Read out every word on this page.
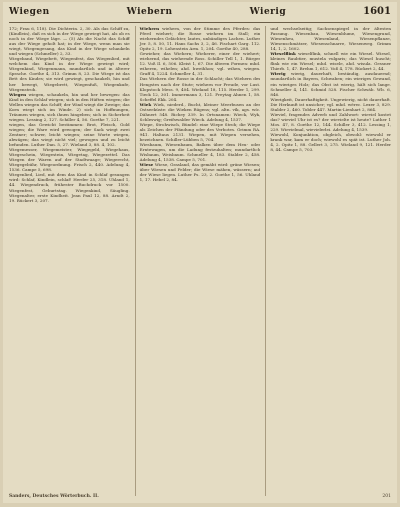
Wiegen	Wiebern	Wierig	1601

172; Frau 6, 118). Die Dichterin. 2, 30. Als das Schiff zu, (Kindlein), daß es sich in der Wiege gewiegt hat, als ob es noch in der Wiege läge. — (5) Als die Nacht das Schiff aus der Wiege geholt hat; in der Wiege, wenn man sie wiegt, Wiegengesang, das Kind in der Wiege schaukeln und wiegen (Schmeller) 2, 33.

Wiegeband, Wiegebett, Wiegenfest, das Wiegenlied, mit welchem das Kind in der Wiege gewiegt wird; Wiegenkind, Wiegenmann, mundartlich und in älterer Sprache. Goethe 4, 313. Grimm 8, 23. Die Wiege ist das Bett des Kindes; sie wird gewiegt, geschaukelt, hin und her bewegt, Wiegebrett, Wiegenfuß, Wiegenkufe, Wiegenstroh.

Wiegen wiegen, schaukeln, hin und her bewegen: das Kind in den Schlaf wiegen; sich in den Hüften wiegen; die Wellen wiegen das Schiff; der Wind wiegt die Zweige; das Korn wiegt sich im Winde. 2) sich in Hoffnungen, Träumen wiegen, sich ihnen hingeben; sich in Sicherheit wiegen. Lessing 2, 127. Schiller 4, 56. Goethe 7, 221.

wiegen, das Gewicht bestimmen: Brot, Fleisch, Gold wiegen; die Ware wird gewogen; der Sack wiegt zwei Zentner; schwer, leicht wiegen; seine Worte wiegen, abwägen; das wiegt nicht viel; gewogen und zu leicht befunden. Luther Dan. 5, 27. Wieland 3, 88. 4, 102.

Wiegemesser, Wiegemeister, Wiegegeld, Wiegehaus, Wiegeschein, Wiegestein, Wiegetag, Wiegezettel. Das Wiegen der Waren auf der Stadtwaage; Wiegerecht, Wiegegebühr, Wiegeordnung. Frisch 2, 440. Adelung 4, 1536. Campe 5, 698.

Wiegenlied, Lied, mit dem das Kind in Schlaf gesungen wird: Schlaf, Kindlein, schlaf! Herder 25, 318. Uhland 1, 44. Wiegendruck, frühester Buchdruck vor 1500. Wiegenfest, Geburtstag. Wiegenkind, Säugling. Wiegenalter, erste Kindheit. Jean Paul 12, 88. Arndt 2, 19. Rückert 3, 207.

Wiehern wiehern, von der Stimme des Pferdes: das Pferd wiehert; die Rosse wiehern im Stall; ein wieherndes Gelächter, lautes, unbändiges Lachen. Luther Jer. 5, 8. 50, 11. Hans Sachs 3, 2, 46. Fischart Garg. 112. Opitz 2, 19. Lohenstein Arm. 1, 204. Goethe 40, 288.

Gewieher, das Wiehern; Wieherer, einer der wiehert; wiehernd, das wiehernde Ross. Schiller Tell 1, 1. Bürger 12. Voß Il. 6, 506. Kleist 1, 67. Die älteren Formen: mhd. wiheren, wihelen; ahd. hweihhon; vgl. wihen, wiegen. Graff 4, 1224. Schmeller 4, 31.

Das Wiehern der Rosse in der Schlacht; das Wiehern des Hengstes nach der Stute; wiehern vor Freude, vor Lust. Klopstock Mess. 9, 404. Wieland 18, 115. Herder 1, 299. Tieck 12, 301. Immermann 3, 121. Freytag Ahnen 1, 58. Scheffel Ekk. 204.

Wiek Wiek, niederd., Bucht, kleiner Meerbusen an der Ostseeküste: die Wieken Rügens; vgl. altn. vík, ags. wíc. Dähnert 548. Richey 339. In Ortsnamen: Wieck, Wyk, Schleswig; Greifswalder Wieck. Adelung 4, 1537.

Wiepe, Strohwisch, Bündel: eine Wiepe Stroh; die Wiepe als Zeichen der Pfändung oder des Verbotes. Grimm RA. 941. Haltaus 2131. Wiepen, mit Wiepen versehen, bezeichnen. Schiller-Lübben 5, 704.

Wiesbaum, Wiesenbaum, Balken über dem Heu- oder Erntewagen, um die Ladung festzuhalten; mundartlich Wisbaum, Weisbaum. Schmeller 4, 183. Stalder 2, 458. Adelung 4, 1538. Campe 5, 701.

Wiese Wiese, Grasland, das gemäht wird: grüne Wiesen; über Wiesen und Felder; die Wiese mähen, wässern; auf der Wiese liegen. Luther Ps. 23, 2. Goethe 1, 56. Uhland 1, 17. Hebel 2, 84.

und wechselseitig; Sachsenspiegel in der ältesten Fassung. Wiesenbau, Wiesenblume, Wiesengrund, Wiesenheu, Wiesenland, Wiesenpflanze, Wiesenschmätzer, Wiesenschnarre, Wiesenweg. Grimm 14, 1, 2, 1602.

Wieselflink wieselflink, schnell wie ein Wiesel. Wiesel, kleines Raubtier, mustela vulgaris; das Wiesel huscht; flink wie ein Wiesel; mhd. wisele, ahd. wisula. Gessner Thierb. 1, 47. Brehm 1, 612. Voß 4, 178. Rückert 2, 44.

Wierig wierig, dauerhaft, beständig, ausdauernd; mundartlich in Bayern, Schwaben; ein wieriges Gewand, ein wieriges Holz; das Obst ist wierig, hält sich lange. Schmeller 4, 141. Schmid 528. Fischer Schwäb. Wb. 6, 846.

Wierigkeit, Dauerhaftigkeit. Ungewierig, nicht dauerhaft. Die Herkunft ist unsicher; vgl. mhd. wërec. Lexer 3, 829. Stalder 2, 460. Tobler 447. Martin-Lienhart 2, 864.

Wieviel, fragendes Adverb und Zahlwort: wieviel kostet das? wieviel Uhr ist es? der wievielte ist heute? Luther 1 Mos. 47, 8. Goethe 12, 144. Schiller 3, 412. Lessing 1, 229. Wievielmal, wievielerlei. Adelung 4, 1539.

Wiewohl, Konjunktion, obgleich, obwohl: wiewohl er krank war, kam er doch; wiewohl es spät ist. Luther Joh. 4, 2. Opitz 1, 88. Gellert 3, 275. Wieland 9, 121. Herder 8, 44. Campe 5, 703.

Sanders, Deutsches Wörterbuch. II.	201
